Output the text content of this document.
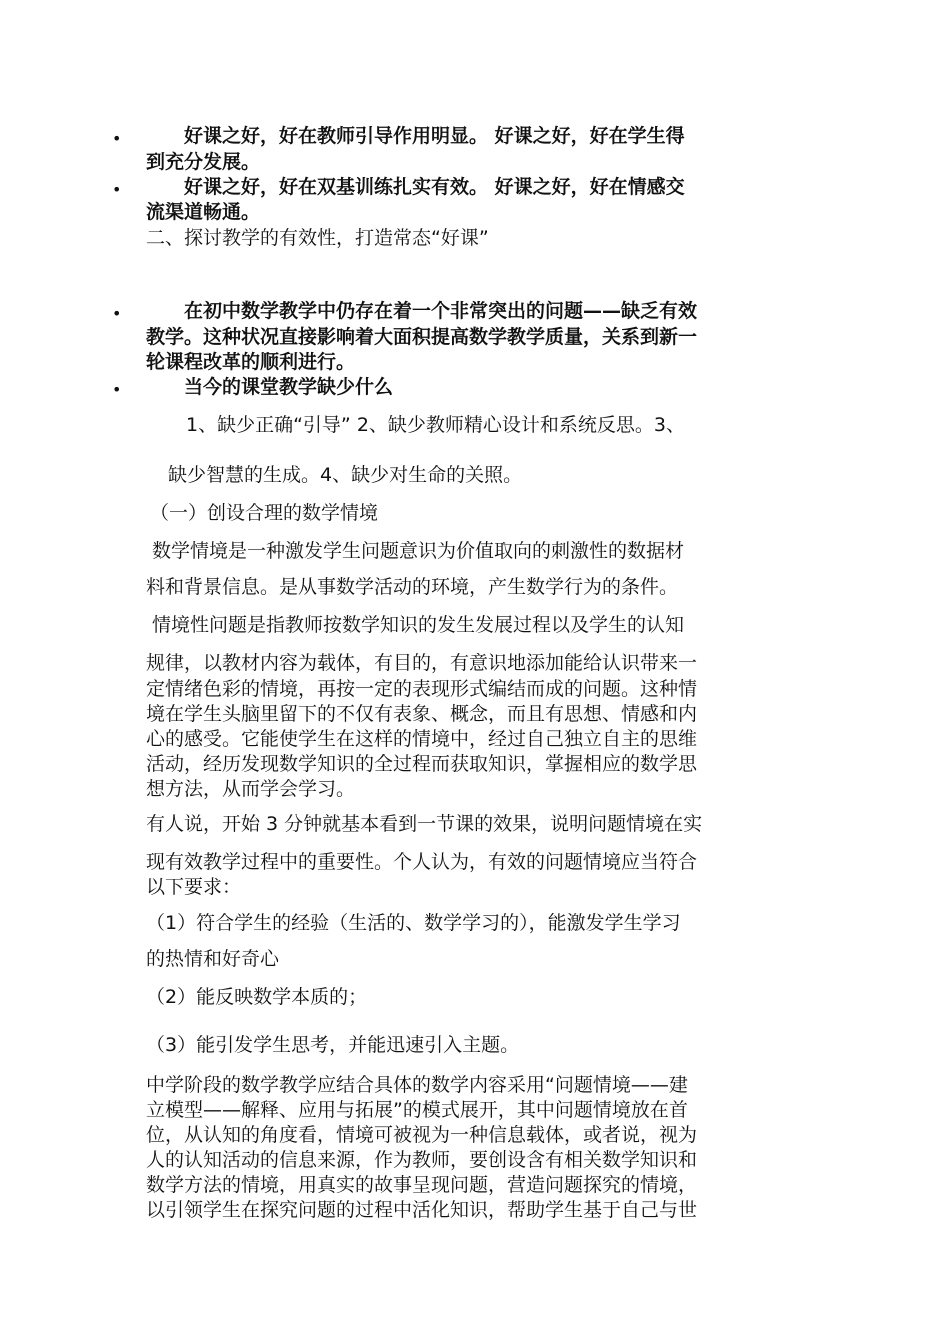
• 　　好课之好，好在教师引导作用明显。 好课之好，好在学生得
到充分发展。
• 　　好课之好，好在双基训练扎实有效。 好课之好，好在情感交
流渠道畅通。
二、探讨教学的有效性，打造常态“好课”
• 　　在初中数学教学中仍存在着一个非常突出的问题——缺乏有效
教学。这种状况直接影响着大面积提高数学教学质量，关系到新一
轮课程改革的顺利进行。
• 　　当今的课堂教学缺少什么
1、缺少正确“引导” 2、缺少教师精心设计和系统反思。3、
缺少智慧的生成。4、缺少对生命的关照。
（一）创设合理的数学情境
数学情境是一种激发学生问题意识为价值取向的刺激性的数据材
料和背景信息。是从事数学活动的环境，产生数学行为的条件。
情境性问题是指教师按数学知识的发生发展过程以及学生的认知
规律，以教材内容为载体，有目的，有意识地添加能给认识带来一
定情绪色彩的情境，再按一定的表现形式编结而成的问题。这种情
境在学生头脑里留下的不仅有表象、概念，而且有思想、情感和内
心的感受。它能使学生在这样的情境中，经过自己独立自主的思维
活动，经历发现数学知识的全过程而获取知识，掌握相应的数学思
想方法，从而学会学习。
有人说，开始 3 分钟就基本看到一节课的效果，说明问题情境在实
现有效教学过程中的重要性。个人认为，有效的问题情境应当符合
以下要求：
（1）符合学生的经验（生活的、数学学习的），能激发学生学习
的热情和好奇心
（2）能反映数学本质的；
（3）能引发学生思考，并能迅速引入主题。
中学阶段的数学教学应结合具体的数学内容采用“问题情境——建
立模型——解释、应用与拓展”的模式展开，其中问题情境放在首
位，从认知的角度看，情境可被视为一种信息载体，或者说，视为
人的认知活动的信息来源，作为教师，要创设含有相关数学知识和
数学方法的情境，用真实的故事呈现问题，营造问题探究的情境，
以引领学生在探究问题的过程中活化知识，帮助学生基于自己与世
